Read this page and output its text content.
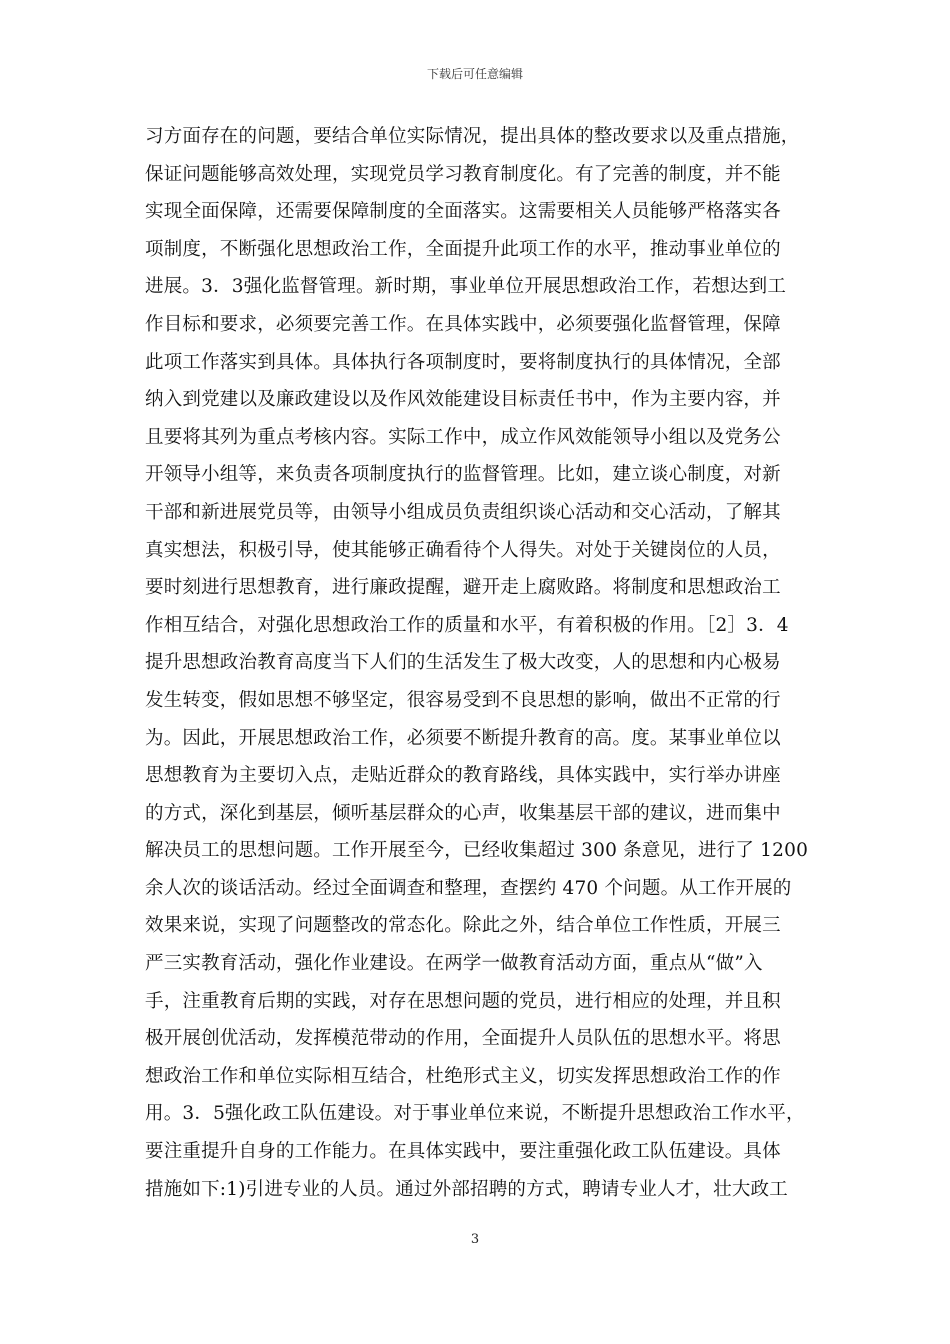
下载后可任意编辑
习方面存在的问题，要结合单位实际情况，提出具体的整改要求以及重点措施，
保证问题能够高效处理，实现党员学习教育制度化。有了完善的制度，并不能
实现全面保障，还需要保障制度的全面落实。这需要相关人员能够严格落实各
项制度，不断强化思想政治工作，全面提升此项工作的水平，推动事业单位的
进展。3．3强化监督管理。新时期，事业单位开展思想政治工作，若想达到工
作目标和要求，必须要完善工作。在具体实践中，必须要强化监督管理，保障
此项工作落实到具体。具体执行各项制度时，要将制度执行的具体情况，全部
纳入到党建以及廉政建设以及作风效能建设目标责任书中，作为主要内容，并
且要将其列为重点考核内容。实际工作中，成立作风效能领导小组以及党务公
开领导小组等，来负责各项制度执行的监督管理。比如，建立谈心制度，对新
干部和新进展党员等，由领导小组成员负责组织谈心活动和交心活动，了解其
真实想法，积极引导，使其能够正确看待个人得失。对处于关键岗位的人员，
要时刻进行思想教育，进行廉政提醒，避开走上腐败路。将制度和思想政治工
作相互结合，对强化思想政治工作的质量和水平，有着积极的作用。［2］3．4
提升思想政治教育高度当下人们的生活发生了极大改变，人的思想和内心极易
发生转变，假如思想不够坚定，很容易受到不良思想的影响，做出不正常的行
为。因此，开展思想政治工作，必须要不断提升教育的高。度。某事业单位以
思想教育为主要切入点，走贴近群众的教育路线，具体实践中，实行举办讲座
的方式，深化到基层，倾听基层群众的心声，收集基层干部的建议，进而集中
解决员工的思想问题。工作开展至今，已经收集超过 300 条意见，进行了 1200
余人次的谈话活动。经过全面调查和整理，查摆约 470 个问题。从工作开展的
效果来说，实现了问题整改的常态化。除此之外，结合单位工作性质，开展三
严三实教育活动，强化作业建设。在两学一做教育活动方面，重点从“做”入
手，注重教育后期的实践，对存在思想问题的党员，进行相应的处理，并且积
极开展创优活动，发挥模范带动的作用，全面提升人员队伍的思想水平。将思
想政治工作和单位实际相互结合，杜绝形式主义，切实发挥思想政治工作的作
用。3．5强化政工队伍建设。对于事业单位来说，不断提升思想政治工作水平，
要注重提升自身的工作能力。在具体实践中，要注重强化政工队伍建设。具体
措施如下:1)引进专业的人员。通过外部招聘的方式，聘请专业人才，壮大政工
3
